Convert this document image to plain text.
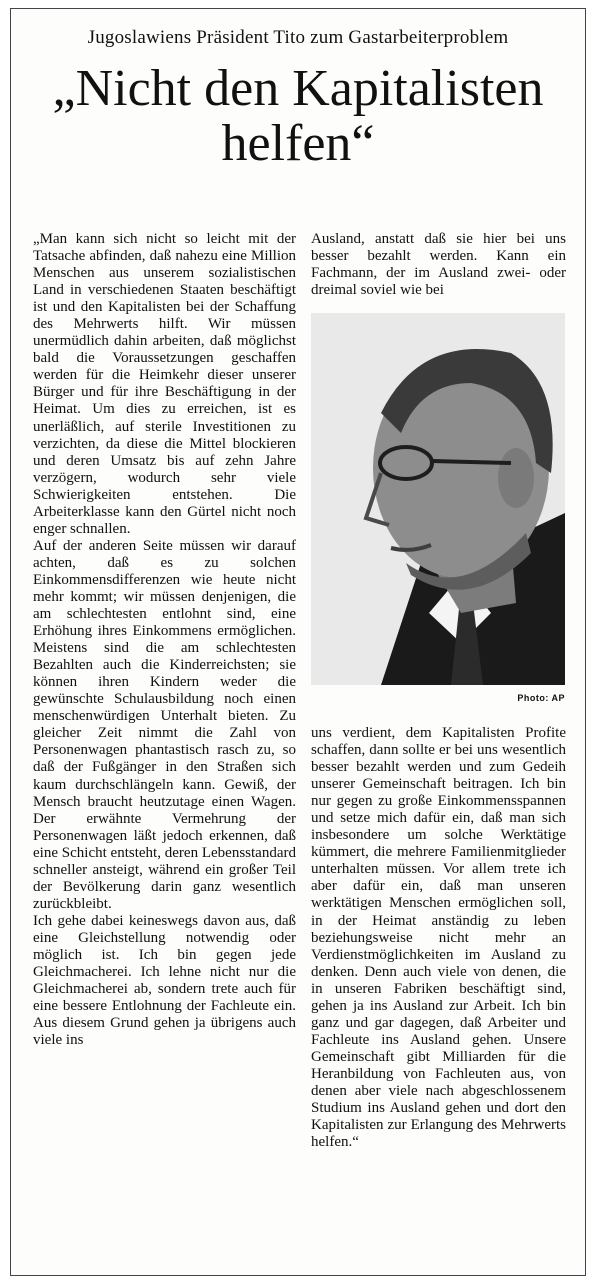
Jugoslawiens Präsident Tito zum Gastarbeiterproblem
„Nicht den Kapitalisten helfen“

„Man kann sich nicht so leicht mit der Tatsache abfinden, daß nahezu eine Million Menschen aus unserem sozialistischen Land in verschiedenen Staaten beschäftigt ist und den Kapitalisten bei der Schaffung des Mehrwerts hilft. Wir müssen unermüdlich dahin arbeiten, daß möglichst bald die Voraussetzungen geschaffen werden für die Heimkehr dieser unserer Bürger und für ihre Beschäftigung in der Heimat. Um dies zu erreichen, ist es unerläßlich, auf sterile Investitionen zu verzichten, da diese die Mittel blockieren und deren Umsatz bis auf zehn Jahre verzögern, wodurch sehr viele Schwierigkeiten entstehen. Die Arbeiterklasse kann den Gürtel nicht noch enger schnallen.

Auf der anderen Seite müssen wir darauf achten, daß es zu solchen Einkommensdifferenzen wie heute nicht mehr kommt; wir müssen denjenigen, die am schlechtesten entlohnt sind, eine Erhöhung ihres Einkommens ermöglichen. Meistens sind die am schlechtesten Bezahlten auch die Kinderreichsten; sie können ihren Kindern weder die gewünschte Schulausbildung noch einen menschenwürdigen Unterhalt bieten. Zu gleicher Zeit nimmt die Zahl von Personenwagen phantastisch rasch zu, so daß der Fußgänger in den Straßen sich kaum durchschlängeln kann. Gewiß, der Mensch braucht heutzutage einen Wagen. Der erwähnte Vermehrung der Personenwagen läßt jedoch erkennen, daß eine Schicht entsteht, deren Lebensstandard schneller ansteigt, während ein großer Teil der Bevölkerung darin ganz wesentlich zurückbleibt.

Ich gehe dabei keineswegs davon aus, daß eine Gleichstellung notwendig oder möglich ist. Ich bin gegen jede Gleichmacherei. Ich lehne nicht nur die Gleichmacherei ab, sondern trete auch für eine bessere Entlohnung der Fachleute ein. Aus diesem Grund gehen ja übrigens auch viele ins

Ausland, anstatt daß sie hier bei uns besser bezahlt werden. Kann ein Fachmann, der im Ausland zwei- oder dreimal soviel wie bei
Photo: AP
uns verdient, dem Kapitalisten Profite schaffen, dann sollte er bei uns wesentlich besser bezahlt werden und zum Gedeih unserer Gemeinschaft beitragen. Ich bin nur gegen zu große Einkommensspannen und setze mich dafür ein, daß man sich insbesondere um solche Werktätige kümmert, die mehrere Familienmitglieder unterhalten müssen. Vor allem trete ich aber dafür ein, daß man unseren werktätigen Menschen ermöglichen soll, in der Heimat anständig zu leben beziehungsweise nicht mehr an Verdienstmöglichkeiten im Ausland zu denken. Denn auch viele von denen, die in unseren Fabriken beschäftigt sind, gehen ja ins Ausland zur Arbeit. Ich bin ganz und gar dagegen, daß Arbeiter und Fachleute ins Ausland gehen. Unsere Gemeinschaft gibt Milliarden für die Heranbildung von Fachleuten aus, von denen aber viele nach abgeschlossenem Studium ins Ausland gehen und dort den Kapitalisten zur Erlangung des Mehrwerts helfen.“
